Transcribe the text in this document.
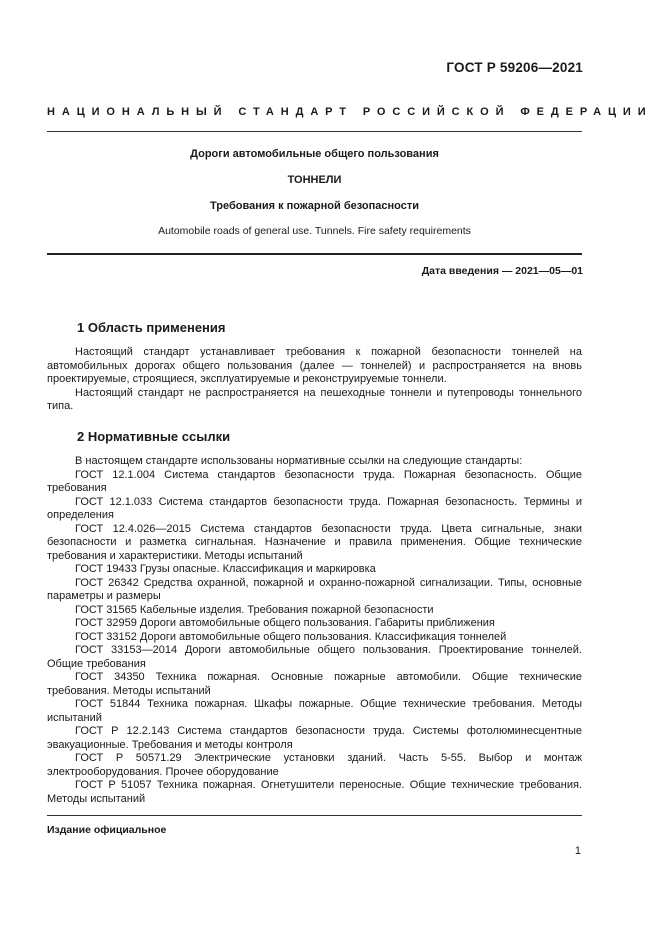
ГОСТ Р 59206—2021
НАЦИОНАЛЬНЫЙ СТАНДАРТ РОССИЙСКОЙ ФЕДЕРАЦИИ
Дороги автомобильные общего пользования
ТОННЕЛИ
Требования к пожарной безопасности
Automobile roads of general use. Tunnels. Fire safety requirements
Дата введения — 2021—05—01
1 Область применения

Настоящий стандарт устанавливает требования к пожарной безопасности тоннелей на автомобильных дорогах общего пользования (далее — тоннелей) и распространяется на вновь проектируемые, строящиеся, эксплуатируемые и реконструируемые тоннели.

Настоящий стандарт не распространяется на пешеходные тоннели и путепроводы тоннельного типа.

2 Нормативные ссылки

В настоящем стандарте использованы нормативные ссылки на следующие стандарты:

ГОСТ 12.1.004 Система стандартов безопасности труда. Пожарная безопасность. Общие требования

ГОСТ 12.1.033 Система стандартов безопасности труда. Пожарная безопасность. Термины и определения

ГОСТ 12.4.026—2015 Система стандартов безопасности труда. Цвета сигнальные, знаки безопасности и разметка сигнальная. Назначение и правила применения. Общие технические требования и характеристики. Методы испытаний

ГОСТ 19433 Грузы опасные. Классификация и маркировка

ГОСТ 26342 Средства охранной, пожарной и охранно-пожарной сигнализации. Типы, основные параметры и размеры

ГОСТ 31565 Кабельные изделия. Требования пожарной безопасности

ГОСТ 32959 Дороги автомобильные общего пользования. Габариты приближения

ГОСТ 33152 Дороги автомобильные общего пользования. Классификация тоннелей

ГОСТ 33153—2014 Дороги автомобильные общего пользования. Проектирование тоннелей. Общие требования

ГОСТ 34350 Техника пожарная. Основные пожарные автомобили. Общие технические требования. Методы испытаний

ГОСТ 51844 Техника пожарная. Шкафы пожарные. Общие технические требования. Методы испытаний

ГОСТ Р 12.2.143 Система стандартов безопасности труда. Системы фотолюминесцентные эвакуационные. Требования и методы контроля

ГОСТ Р 50571.29 Электрические установки зданий. Часть 5-55. Выбор и монтаж электрооборудования. Прочее оборудование

ГОСТ Р 51057 Техника пожарная. Огнетушители переносные. Общие технические требования. Методы испытаний

Издание официальное
1
